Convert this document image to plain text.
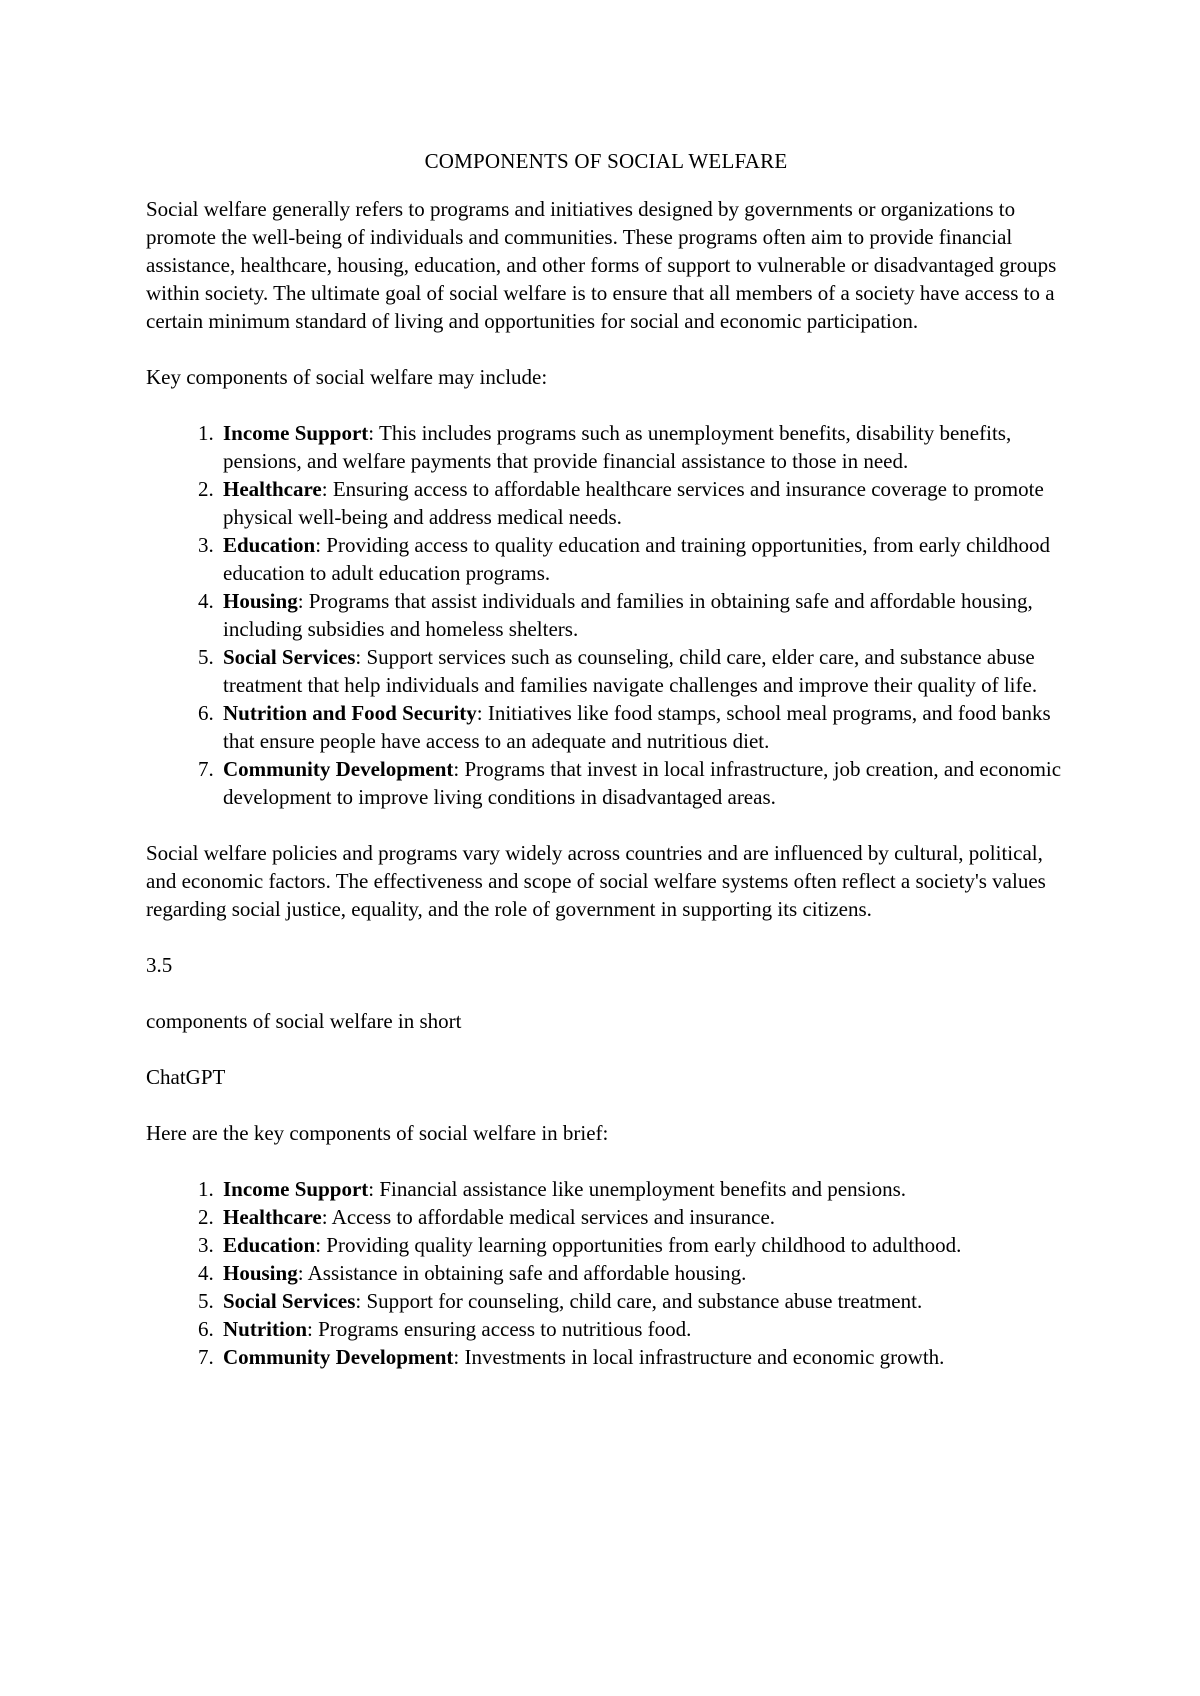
COMPONENTS OF SOCIAL WELFARE

Social welfare generally refers to programs and initiatives designed by governments or organizations to promote the well-being of individuals and communities. These programs often aim to provide financial assistance, healthcare, housing, education, and other forms of support to vulnerable or disadvantaged groups within society. The ultimate goal of social welfare is to ensure that all members of a society have access to a certain minimum standard of living and opportunities for social and economic participation.

Key components of social welfare may include:

1. Income Support: This includes programs such as unemployment benefits, disability benefits, pensions, and welfare payments that provide financial assistance to those in need.
2. Healthcare: Ensuring access to affordable healthcare services and insurance coverage to promote physical well-being and address medical needs.
3. Education: Providing access to quality education and training opportunities, from early childhood education to adult education programs.
4. Housing: Programs that assist individuals and families in obtaining safe and affordable housing, including subsidies and homeless shelters.
5. Social Services: Support services such as counseling, child care, elder care, and substance abuse treatment that help individuals and families navigate challenges and improve their quality of life.
6. Nutrition and Food Security: Initiatives like food stamps, school meal programs, and food banks that ensure people have access to an adequate and nutritious diet.
7. Community Development: Programs that invest in local infrastructure, job creation, and economic development to improve living conditions in disadvantaged areas.

Social welfare policies and programs vary widely across countries and are influenced by cultural, political, and economic factors. The effectiveness and scope of social welfare systems often reflect a society's values regarding social justice, equality, and the role of government in supporting its citizens.

3.5

components of social welfare in short

ChatGPT

Here are the key components of social welfare in brief:

1. Income Support: Financial assistance like unemployment benefits and pensions.
2. Healthcare: Access to affordable medical services and insurance.
3. Education: Providing quality learning opportunities from early childhood to adulthood.
4. Housing: Assistance in obtaining safe and affordable housing.
5. Social Services: Support for counseling, child care, and substance abuse treatment.
6. Nutrition: Programs ensuring access to nutritious food.
7. Community Development: Investments in local infrastructure and economic growth.
